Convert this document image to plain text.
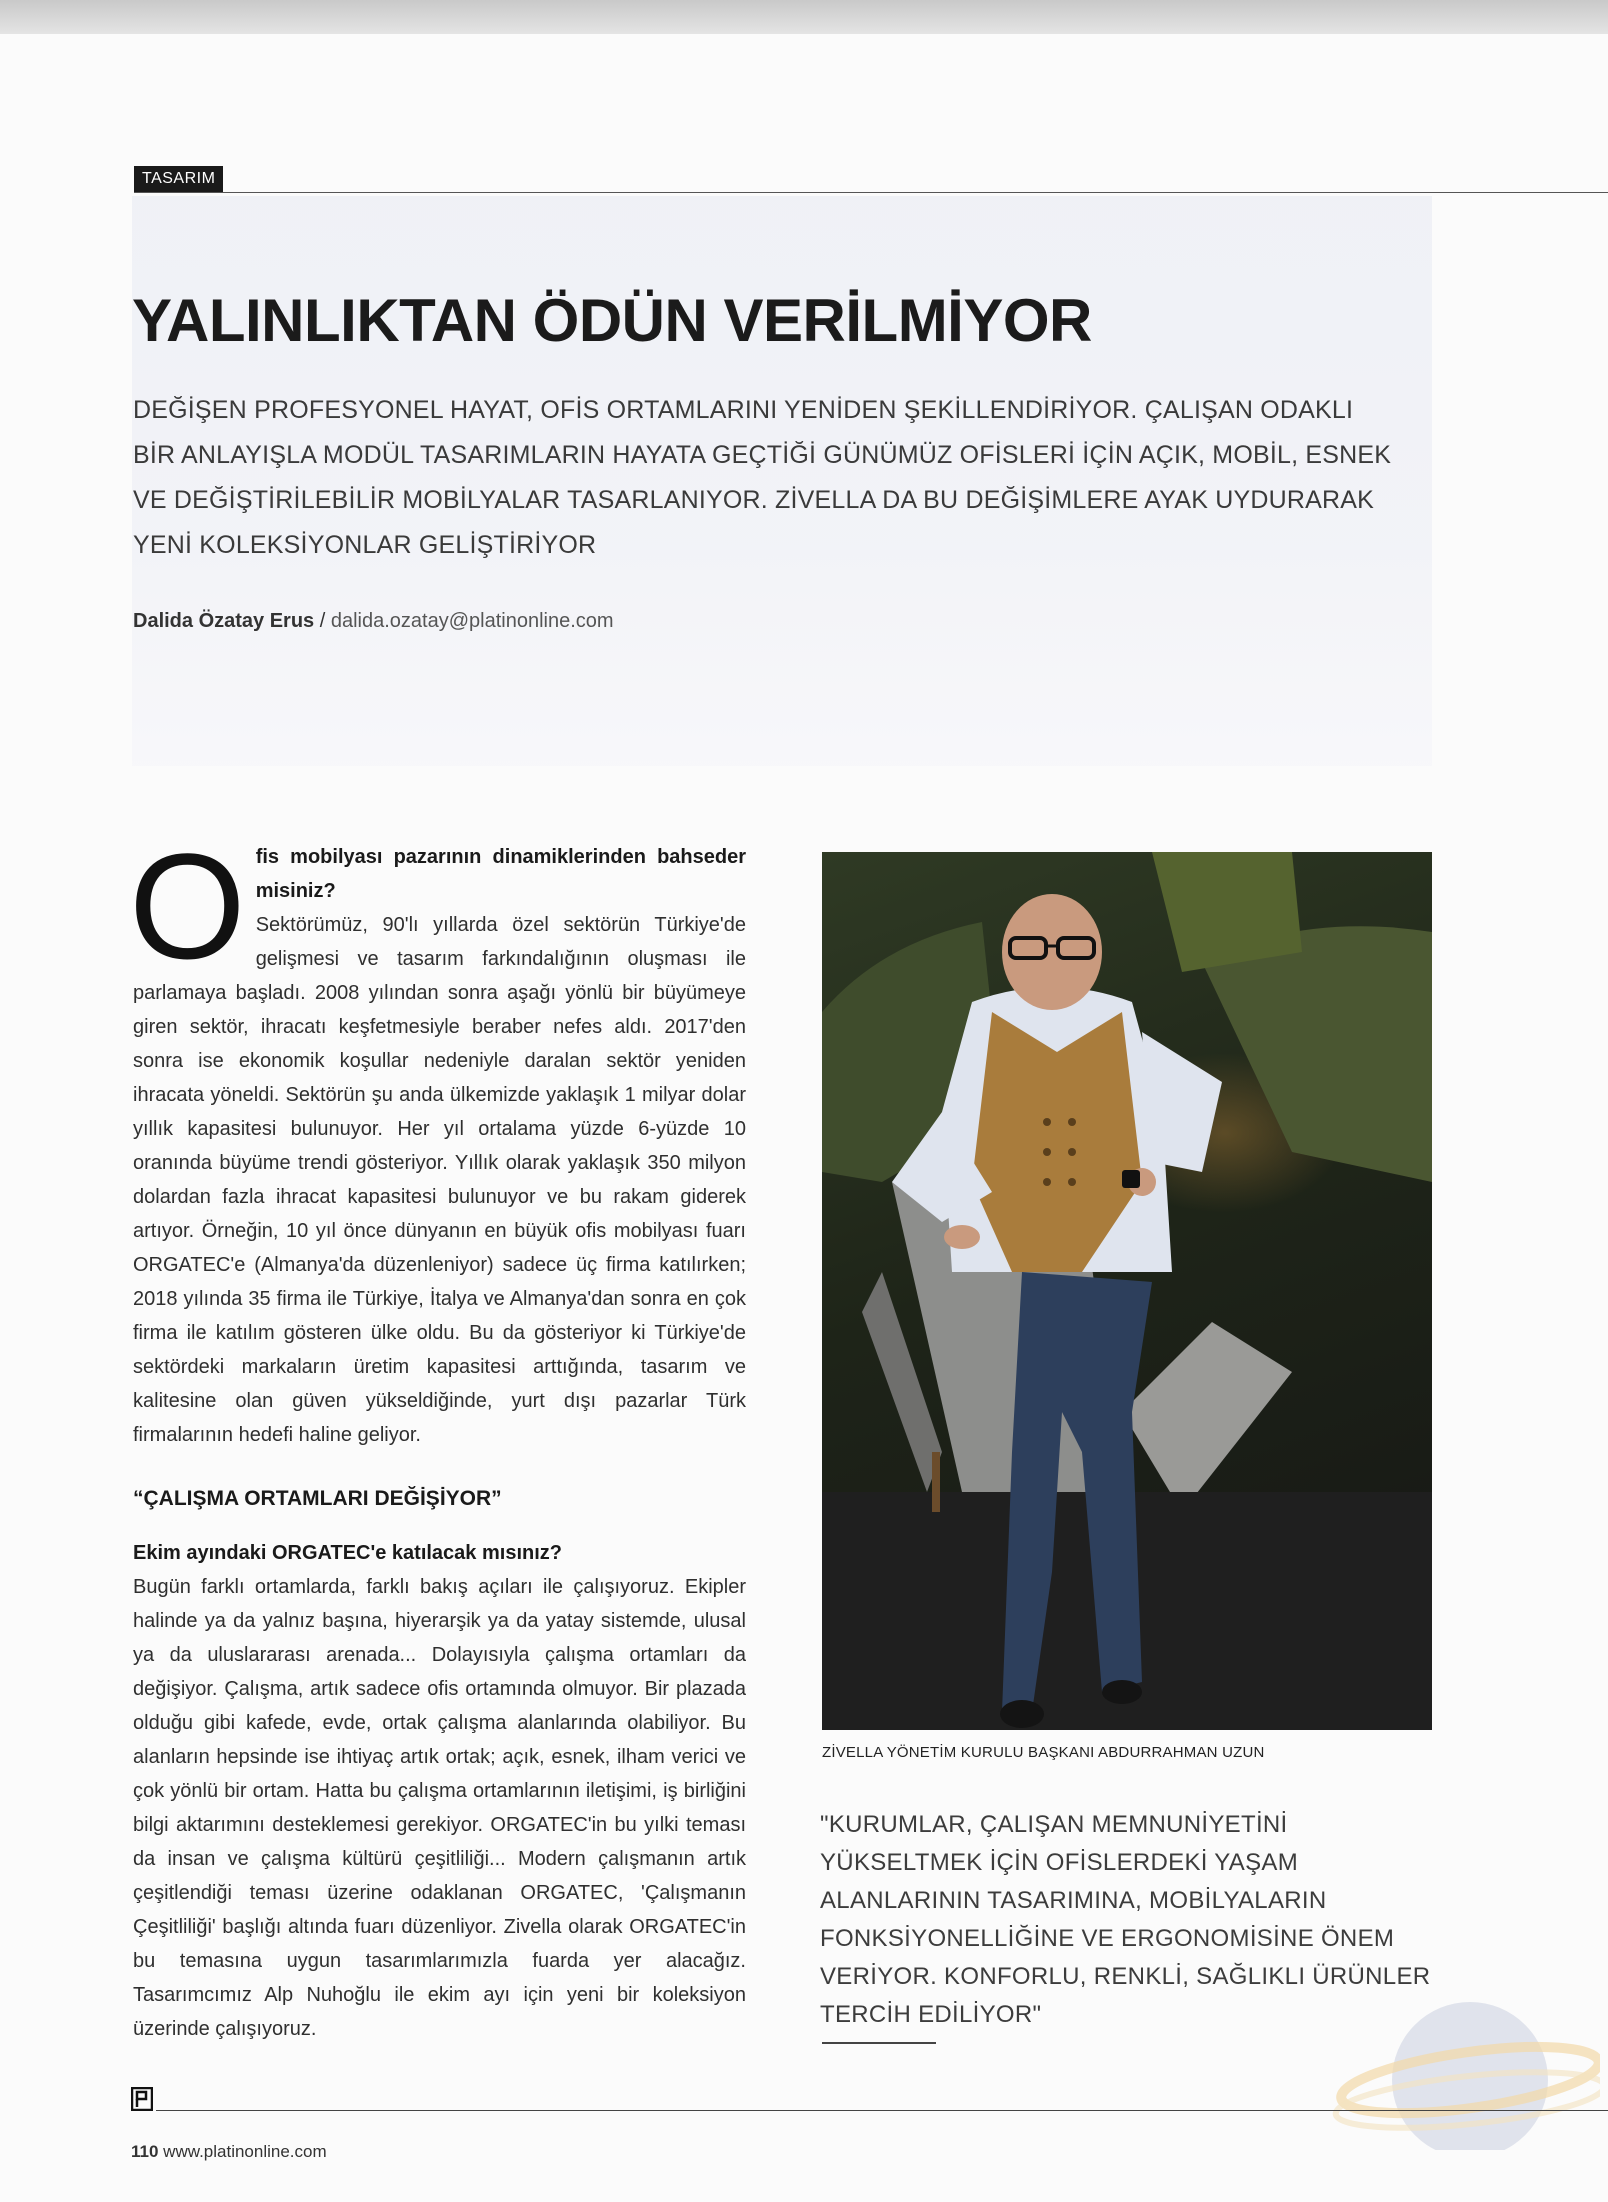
TASARIM
YALINLIKTAN ÖDÜN VERİLMİYOR

DEĞİŞEN PROFESYONEL HAYAT, OFİS ORTAMLARINI YENİDEN ŞEKİLLENDİRİYOR. ÇALIŞAN ODAKLI BİR ANLAYIŞLA MODÜL TASARIMLARIN HAYATA GEÇTİĞİ GÜNÜMÜZ OFİSLERİ İÇİN AÇIK, MOBİL, ESNEK VE DEĞİŞTİRİLEBİLİR MOBİLYALAR TASARLANIYOR. ZİVELLA DA BU DEĞİŞİMLERE AYAK UYDURARAK YENİ KOLEKSİYONLAR GELİŞTİRİYOR

Dalida Özatay Erus / dalida.ozatay@platinonline.com
O fis mobilyası pazarının dinamiklerinden bahseder misiniz?

Sektörümüz, 90'lı yıllarda özel sektörün Türkiye'de gelişmesi ve tasarım farkındalığının oluşması ile parlamaya başladı. 2008 yılından sonra aşağı yönlü bir büyümeye giren sektör, ihracatı keşfetmesiyle beraber nefes aldı. 2017'den sonra ise ekonomik koşullar nedeniyle daralan sektör yeniden ihracata yöneldi. Sektörün şu anda ülkemizde yaklaşık 1 milyar dolar yıllık kapasitesi bulunuyor. Her yıl ortalama yüzde 6-yüzde 10 oranında büyüme trendi gösteriyor. Yıllık olarak yaklaşık 350 milyon dolardan fazla ihracat kapasitesi bulunuyor ve bu rakam giderek artıyor. Örneğin, 10 yıl önce dünyanın en büyük ofis mobilyası fuarı ORGATEC'e (Almanya'da düzenleniyor) sadece üç firma katılırken; 2018 yılında 35 firma ile Türkiye, İtalya ve Almanya'dan sonra en çok firma ile katılım gösteren ülke oldu. Bu da gösteriyor ki Türkiye'de sektördeki markaların üretim kapasitesi arttığında, tasarım ve kalitesine olan güven yükseldiğinde, yurt dışı pazarlar Türk firmalarının hedefi haline geliyor.

“ÇALIŞMA ORTAMLARI DEĞİŞİYOR”

Ekim ayındaki ORGATEC'e katılacak mısınız?

Bugün farklı ortamlarda, farklı bakış açıları ile çalışıyoruz. Ekipler halinde ya da yalnız başına, hiyerarşik ya da yatay sistemde, ulusal ya da uluslararası arenada... Dolayısıyla çalışma ortamları da değişiyor. Çalışma, artık sadece ofis ortamında olmuyor. Bir plazada olduğu gibi kafede, evde, ortak çalışma alanlarında olabiliyor. Bu alanların hepsinde ise ihtiyaç artık ortak; açık, esnek, ilham verici ve çok yönlü bir ortam. Hatta bu çalışma ortamlarının iletişimi, iş birliğini bilgi aktarımını desteklemesi gerekiyor. ORGATEC'in bu yılki teması da insan ve çalışma kültürü çeşitliliği... Modern çalışmanın artık çeşitlendiği teması üzerine odaklanan ORGATEC, 'Çalışmanın Çeşitliliği' başlığı altında fuarı düzenliyor. Zivella olarak ORGATEC'in bu temasına uygun tasarımlarımızla fuarda yer alacağız. Tasarımcımız Alp Nuhoğlu ile ekim ayı için yeni bir koleksiyon üzerinde çalışıyoruz.

ZİVELLA YÖNETİM KURULU BAŞKANI ABDURRAHMAN UZUN

"KURUMLAR, ÇALIŞAN MEMNUNİYETİNİ YÜKSELTMEK İÇİN OFİSLERDEKİ YAŞAM ALANLARININ TASARIMINA, MOBİLYALARIN FONKSİYONELLİĞİNE VE ERGONOMİSİNE ÖNEM VERİYOR. KONFORLU, RENKLİ, SAĞLIKLI ÜRÜNLER TERCİH EDİLİYOR"

110 www.platinonline.com
